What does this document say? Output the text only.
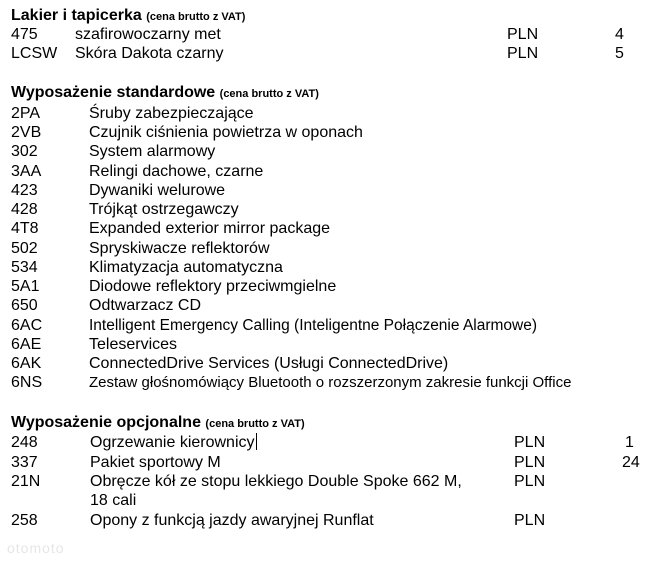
Lakier i tapicerka (cena brutto z VAT)
475 szafirowoczarny met	PLN	4
LCSW Skóra Dakota czarny	PLN	5
Wyposażenie standardowe (cena brutto z VAT)
2PA	Śruby zabezpieczające
2VB	Czujnik ciśnienia powietrza w oponach
302	System alarmowy
3AA	Relingi dachowe, czarne
423	Dywaniki welurowe
428	Trójkąt ostrzegawczy
4T8	Expanded exterior mirror package
502	Spryskiwacze reflektorów
534	Klimatyzacja automatyczna
5A1	Diodowe reflektory przeciwmgielne
650	Odtwarzacz CD
6AC	Intelligent Emergency Calling (Inteligentne Połączenie Alarmowe)
6AE	Teleservices
6AK	ConnectedDrive Services (Usługi ConnectedDrive)
6NS	Zestaw głośnomówiący Bluetooth o rozszerzonym zakresie funkcji Office
Wyposażenie opcjonalne (cena brutto z VAT)
248	Ogrzewanie kierownicy	PLN	1
337	Pakiet sportowy M	PLN	24
21N	Obręcze kół ze stopu lekkiego Double Spoke 662 M,	PLN
18 cali
258	Opony z funkcją jazdy awaryjnej Runflat	PLN
otomoto
